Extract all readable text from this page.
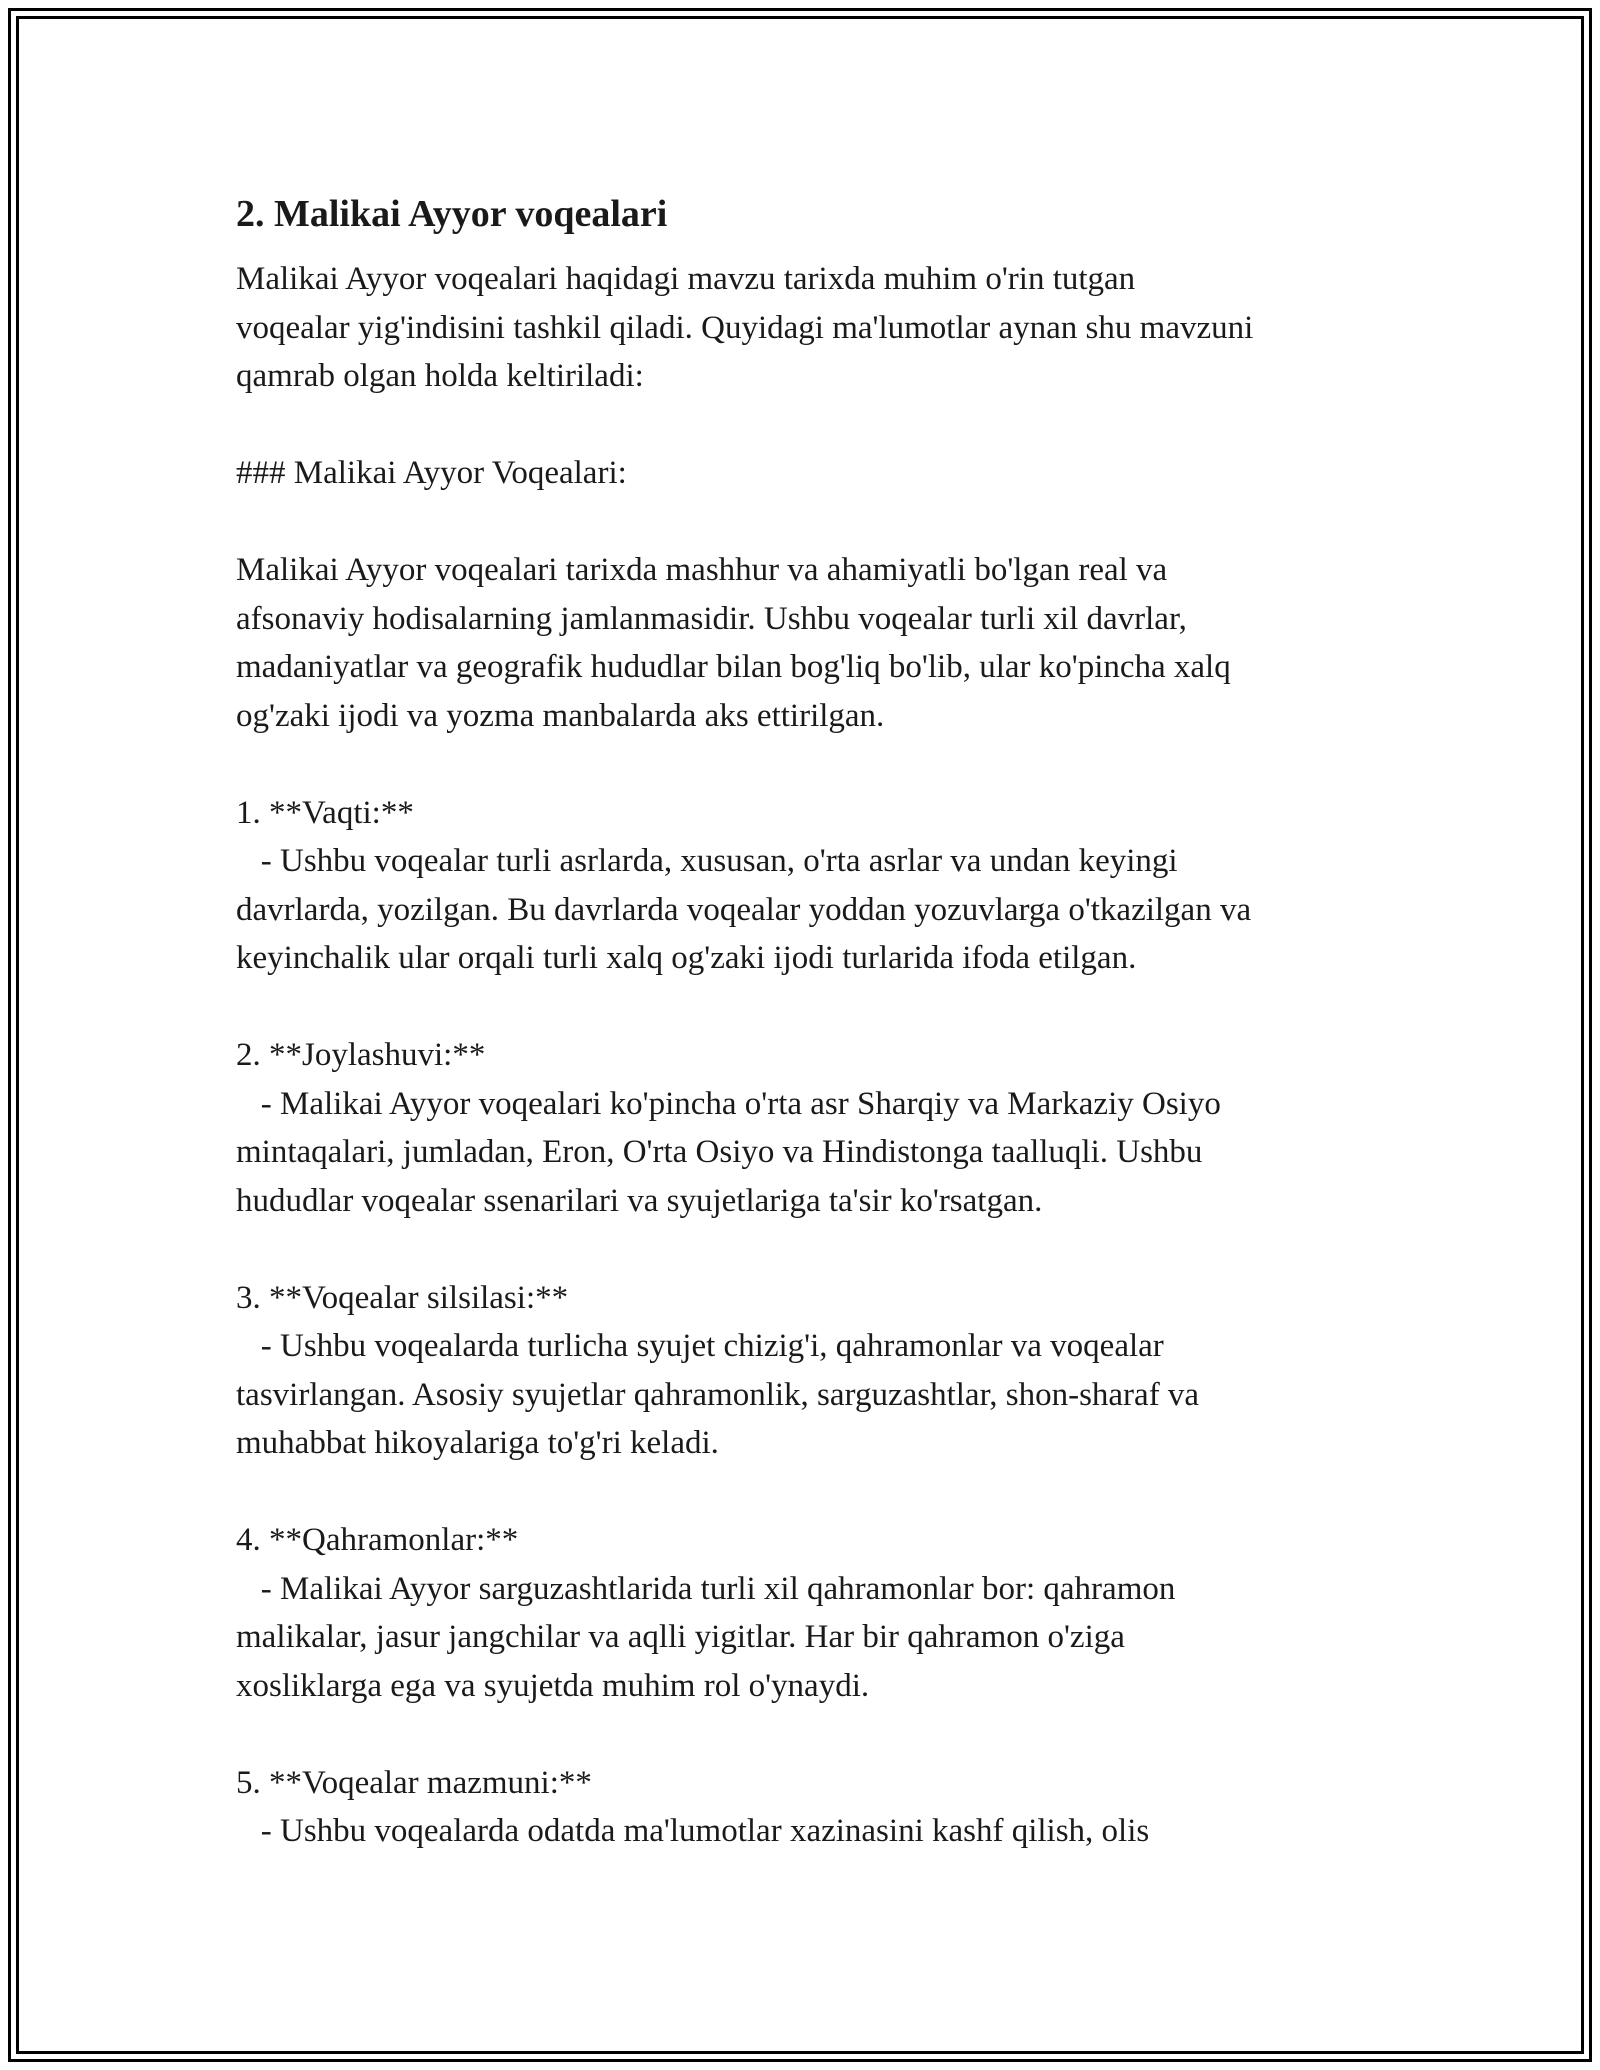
2. Malikai Ayyor voqealari
Malikai Ayyor voqealari haqidagi mavzu tarixda muhim o'rin tutgan
voqealar yig'indisini tashkil qiladi. Quyidagi ma'lumotlar aynan shu mavzuni
qamrab olgan holda keltiriladi:
### Malikai Ayyor Voqealari:
Malikai Ayyor voqealari tarixda mashhur va ahamiyatli bo'lgan real va
afsonaviy hodisalarning jamlanmasidir. Ushbu voqealar turli xil davrlar,
madaniyatlar va geografik hududlar bilan bog'liq bo'lib, ular ko'pincha xalq
og'zaki ijodi va yozma manbalarda aks ettirilgan.
1. **Vaqti:**
- Ushbu voqealar turli asrlarda, xususan, o'rta asrlar va undan keyingi
davrlarda, yozilgan. Bu davrlarda voqealar yoddan yozuvlarga o'tkazilgan va
keyinchalik ular orqali turli xalq og'zaki ijodi turlarida ifoda etilgan.
2. **Joylashuvi:**
- Malikai Ayyor voqealari ko'pincha o'rta asr Sharqiy va Markaziy Osiyo
mintaqalari, jumladan, Eron, O'rta Osiyo va Hindistonga taalluqli. Ushbu
hududlar voqealar ssenarilari va syujetlariga ta'sir ko'rsatgan.
3. **Voqealar silsilasi:**
- Ushbu voqealarda turlicha syujet chizig'i, qahramonlar va voqealar
tasvirlangan. Asosiy syujetlar qahramonlik, sarguzashtlar, shon-sharaf va
muhabbat hikoyalariga to'g'ri keladi.
4. **Qahramonlar:**
- Malikai Ayyor sarguzashtlarida turli xil qahramonlar bor: qahramon
malikalar, jasur jangchilar va aqlli yigitlar. Har bir qahramon o'ziga
xosliklarga ega va syujetda muhim rol o'ynaydi.
5. **Voqealar mazmuni:**
- Ushbu voqealarda odatda ma'lumotlar xazinasini kashf qilish, olis
